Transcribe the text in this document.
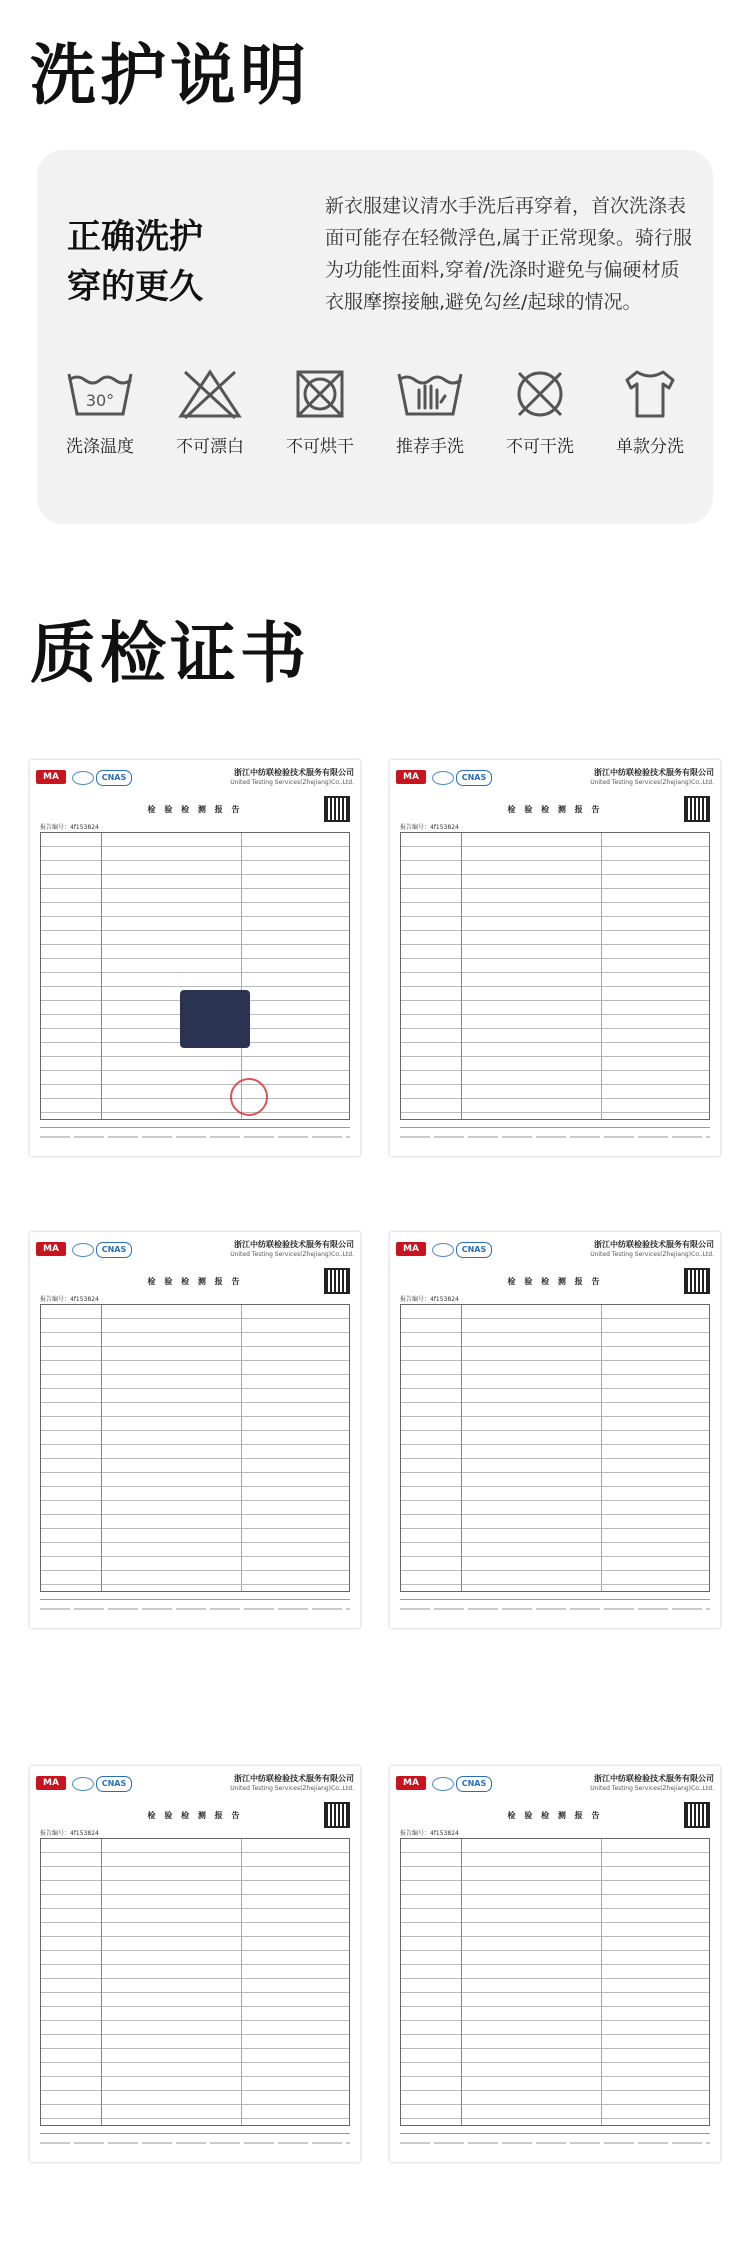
洗护说明
正确洗护
穿的更久
新衣服建议清水手洗后再穿着，首次洗涤表面可能存在轻微浮色,属于正常现象。骑行服为功能性面料,穿着/洗涤时避免与偏硬材质衣服摩擦接触,避免勾丝/起球的情况。
30°
洗涤温度	不可漂白	不可烘干	推荐手洗	不可干洗	单款分洗
质检证书
MA	CNAS
浙江中纺联检验技术服务有限公司
United Testing Services(Zhejiang)Co.,Ltd.
检 验 检 测 报 告
报告编号：4f153824
MA	CNAS
浙江中纺联检验技术服务有限公司
United Testing Services(Zhejiang)Co.,Ltd.
检 验 检 测 报 告
报告编号：4f153824
MA	CNAS
浙江中纺联检验技术服务有限公司
United Testing Services(Zhejiang)Co.,Ltd.
检 验 检 测 报 告
报告编号：4f153824
MA	CNAS
浙江中纺联检验技术服务有限公司
United Testing Services(Zhejiang)Co.,Ltd.
检 验 检 测 报 告
报告编号：4f153824
MA	CNAS
浙江中纺联检验技术服务有限公司
United Testing Services(Zhejiang)Co.,Ltd.
检 验 检 测 报 告
报告编号：4f153824
MA	CNAS
浙江中纺联检验技术服务有限公司
United Testing Services(Zhejiang)Co.,Ltd.
检 验 检 测 报 告
报告编号：4f153824
